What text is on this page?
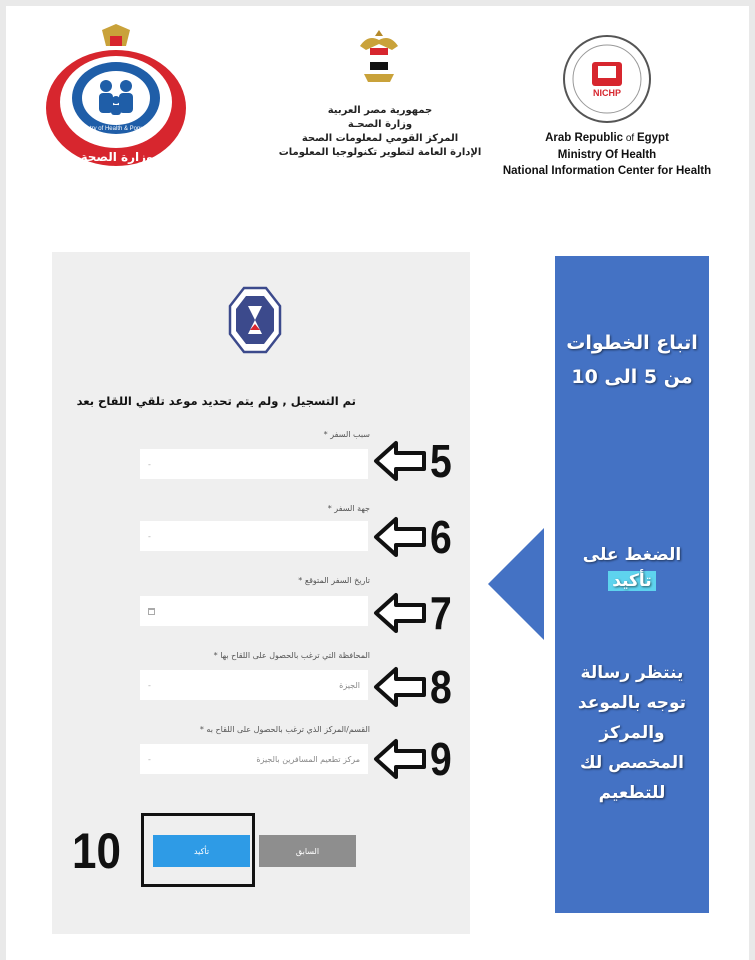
Ministry of Health & Population
وزارة الصحة والسكان
جمهورية مصر العربية
وزارة الصحـة
المركز القومي لمعلومات الصحة
الإدارة العامة لتطوير تكنولوجيا المعلومات
NICHP
Arab Republic of Egypt
Ministry Of Health
National Information Center for Health
تم التسجيل , ولم يتم تحديد موعد تلقي اللقاح بعد
سبب السفر *
-	5
جهة السفر *
-	6
تاريخ السفر المتوقع *
7
المحافظة التي ترغب بالحصول على اللقاح بها *
الجيزة
-	8
القسم/المركز الذي ترغب بالحصول على اللقاح به *
مركز تطعيم المسافرين بالجيزة
-	9
السابق
تأكيد
10
اتباع الخطوات
من 5 الى 10
الضغط على
تأكيد
ينتظر رسالة
توجه بالموعد
والمركز
المخصص لك
للتطعيم
